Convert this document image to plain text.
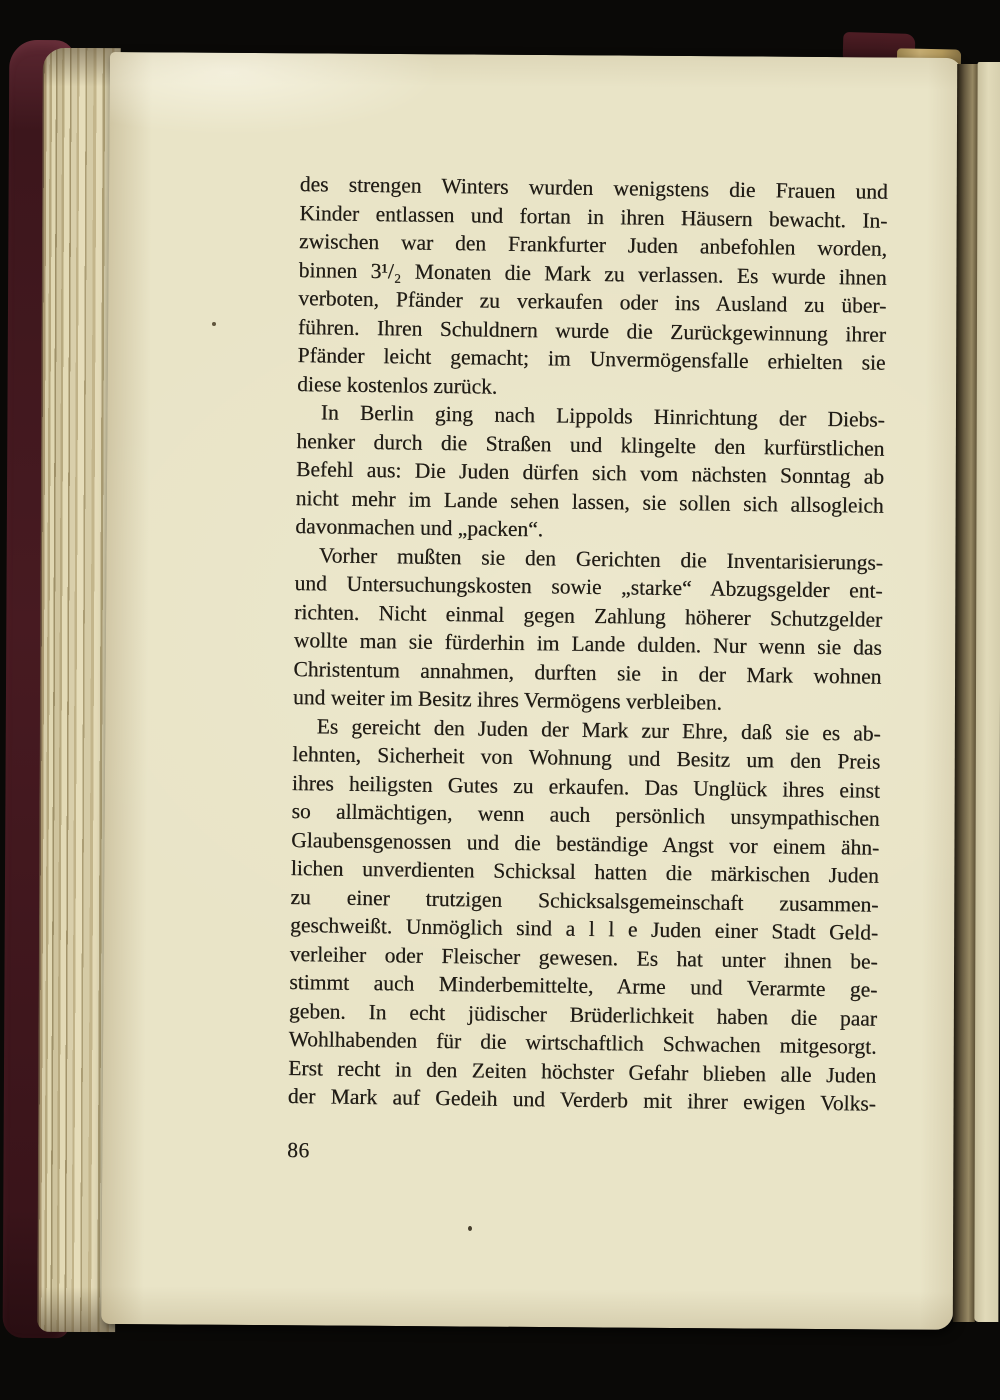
des strengen Winters wurden wenigstens die Frauen und
Kinder entlassen und fortan in ihren Häusern bewacht. In-
zwischen war den Frankfurter Juden anbefohlen worden,
binnen 3¹/₂ Monaten die Mark zu verlassen. Es wurde ihnen
verboten, Pfänder zu verkaufen oder ins Ausland zu über-
führen. Ihren Schuldnern wurde die Zurückgewinnung ihrer
Pfänder leicht gemacht; im Unvermögensfalle erhielten sie
diese kostenlos zurück.
In Berlin ging nach Lippolds Hinrichtung der Diebs-
henker durch die Straßen und klingelte den kurfürstlichen
Befehl aus: Die Juden dürfen sich vom nächsten Sonntag ab
nicht mehr im Lande sehen lassen, sie sollen sich allsogleich
davonmachen und „packen“.
Vorher mußten sie den Gerichten die Inventarisierungs-
und Untersuchungskosten sowie „starke“ Abzugsgelder ent-
richten. Nicht einmal gegen Zahlung höherer Schutzgelder
wollte man sie fürderhin im Lande dulden. Nur wenn sie das
Christentum annahmen, durften sie in der Mark wohnen
und weiter im Besitz ihres Vermögens verbleiben.
Es gereicht den Juden der Mark zur Ehre, daß sie es ab-
lehnten, Sicherheit von Wohnung und Besitz um den Preis
ihres heiligsten Gutes zu erkaufen. Das Unglück ihres einst
so allmächtigen, wenn auch persönlich unsympathischen
Glaubensgenossen und die beständige Angst vor einem ähn-
lichen unverdienten Schicksal hatten die märkischen Juden
zu einer trutzigen Schicksalsgemeinschaft zusammen-
geschweißt. Unmöglich sind a l l e Juden einer Stadt Geld-
verleiher oder Fleischer gewesen. Es hat unter ihnen be-
stimmt auch Minderbemittelte, Arme und Verarmte ge-
geben. In echt jüdischer Brüderlichkeit haben die paar
Wohlhabenden für die wirtschaftlich Schwachen mitgesorgt.
Erst recht in den Zeiten höchster Gefahr blieben alle Juden
der Mark auf Gedeih und Verderb mit ihrer ewigen Volks-
86
